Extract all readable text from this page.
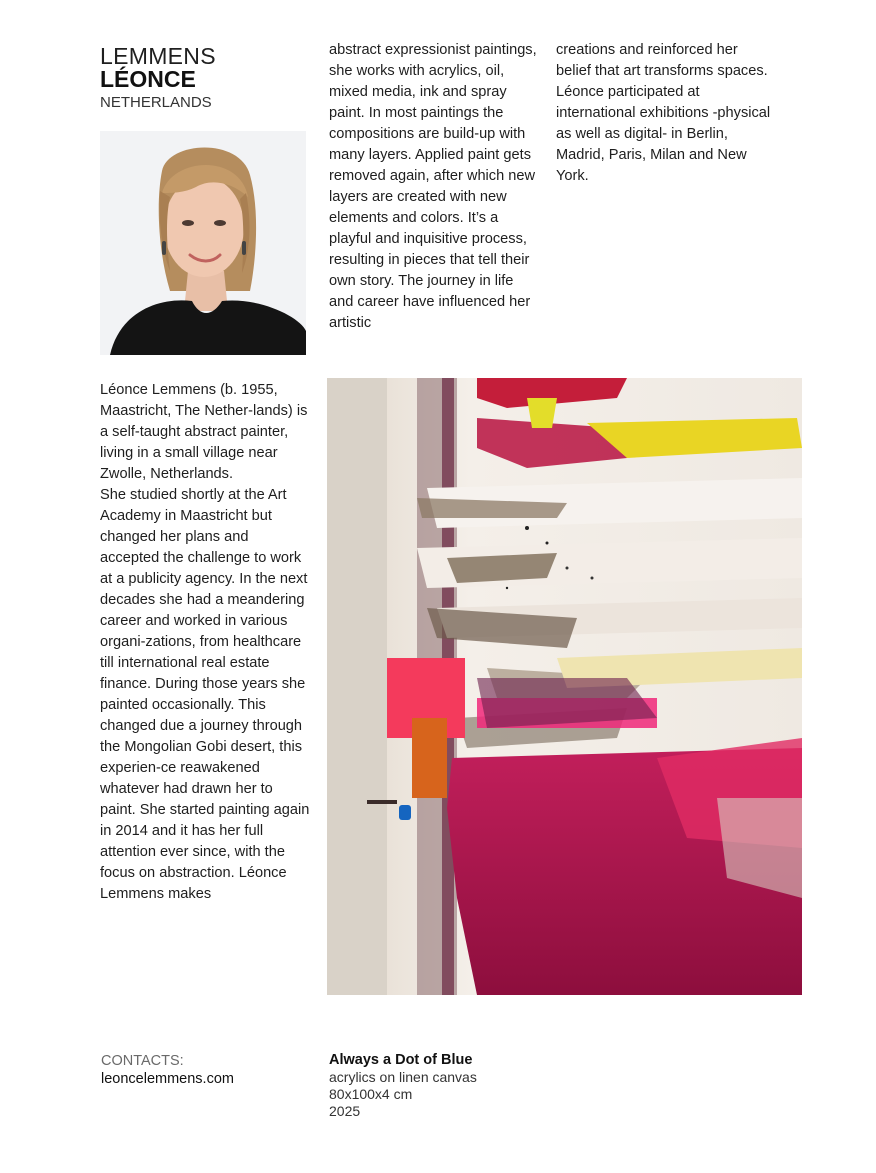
LEMMENS
LÉONCE
NETHERLANDS

abstract expressionist paintings, she works with acrylics, oil, mixed media, ink and spray paint. In most paintings the compositions are build-up with many layers. Applied paint gets removed again, after which new layers are created with new elements and colors. It’s a playful and inquisitive process, resulting in pieces that tell their own story. The journey in life and career have influenced her artistic

creations and reinforced her belief that art transforms spaces.

Léonce participated at international exhibitions -physical as well as digital- in Berlin, Madrid, Paris, Milan and New York.

Léonce Lemmens (b. 1955, Maastricht, The Nether-lands) is a self-taught abstract painter, living in a small village near Zwolle, Netherlands.

She studied shortly at the Art Academy in Maastricht but changed her plans and accepted the challenge to work at a publicity agency. In the next decades she had a meandering career and worked in various organi-zations, from healthcare till international real estate finance. During those years she painted occasionally. This changed due a journey through the Mongolian Gobi desert, this experien-ce reawakened whatever had drawn her to paint. She started painting again in 2014 and it has her full attention ever since, with the focus on abstraction. Léonce Lemmens makes

CONTACTS:
leoncelemmens.com
Always a Dot of Blue
acrylics on linen canvas
80x100x4 cm
2025
